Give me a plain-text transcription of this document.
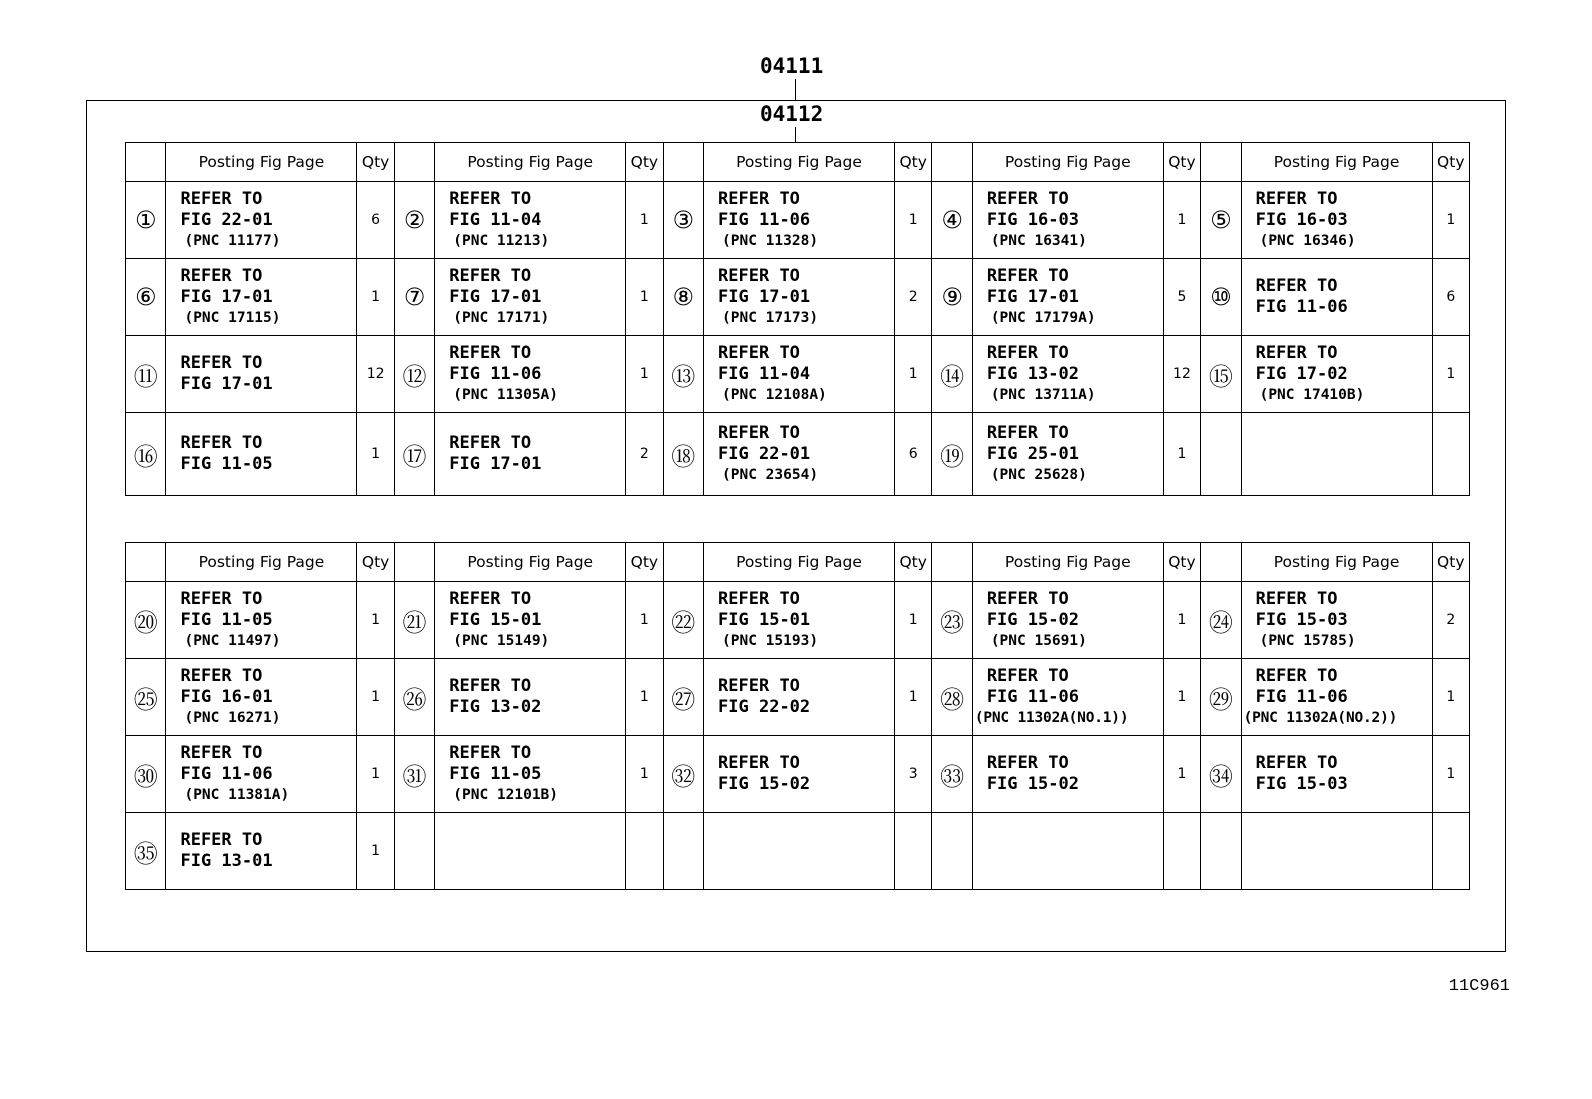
04111
04112
	Posting Fig Page	Qty		Posting Fig Page	Qty		Posting Fig Page	Qty		Posting Fig Page	Qty		Posting Fig Page	Qty
①	REFER TO
FIG 22-01
(PNC 11177)	6	②	REFER TO
FIG 11-04
(PNC 11213)	1	③	REFER TO
FIG 11-06
(PNC 11328)	1	④	REFER TO
FIG 16-03
(PNC 16341)	1	⑤	REFER TO
FIG 16-03
(PNC 16346)	1
⑥	REFER TO
FIG 17-01
(PNC 17115)	1	⑦	REFER TO
FIG 17-01
(PNC 17171)	1	⑧	REFER TO
FIG 17-01
(PNC 17173)	2	⑨	REFER TO
FIG 17-01
(PNC 17179A)	5	⑩	REFER TO
FIG 11-06	6
⑪	REFER TO
FIG 17-01	12	⑫	REFER TO
FIG 11-06
(PNC 11305A)	1	⑬	REFER TO
FIG 11-04
(PNC 12108A)	1	⑭	REFER TO
FIG 13-02
(PNC 13711A)	12	⑮	REFER TO
FIG 17-02
(PNC 17410B)	1
⑯	REFER TO
FIG 11-05	1	⑰	REFER TO
FIG 17-01	2	⑱	REFER TO
FIG 22-01
(PNC 23654)	6	⑲	REFER TO
FIG 25-01
(PNC 25628)	1		

	Posting Fig Page	Qty		Posting Fig Page	Qty		Posting Fig Page	Qty		Posting Fig Page	Qty		Posting Fig Page	Qty
⑳	REFER TO
FIG 11-05
(PNC 11497)	1	㉑	REFER TO
FIG 15-01
(PNC 15149)	1	㉒	REFER TO
FIG 15-01
(PNC 15193)	1	㉓	REFER TO
FIG 15-02
(PNC 15691)	1	㉔	REFER TO
FIG 15-03
(PNC 15785)	2
㉕	REFER TO
FIG 16-01
(PNC 16271)	1	㉖	REFER TO
FIG 13-02	1	㉗	REFER TO
FIG 22-02	1	㉘	REFER TO
FIG 11-06
(PNC 11302A(NO.1))	1	㉙	REFER TO
FIG 11-06
(PNC 11302A(NO.2))	1
㉚	REFER TO
FIG 11-06
(PNC 11381A)	1	㉛	REFER TO
FIG 11-05
(PNC 12101B)	1	㉜	REFER TO
FIG 15-02	3	㉝	REFER TO
FIG 15-02	1	㉞	REFER TO
FIG 15-03	1
㉟	REFER TO
FIG 13-01	1		

11C961
